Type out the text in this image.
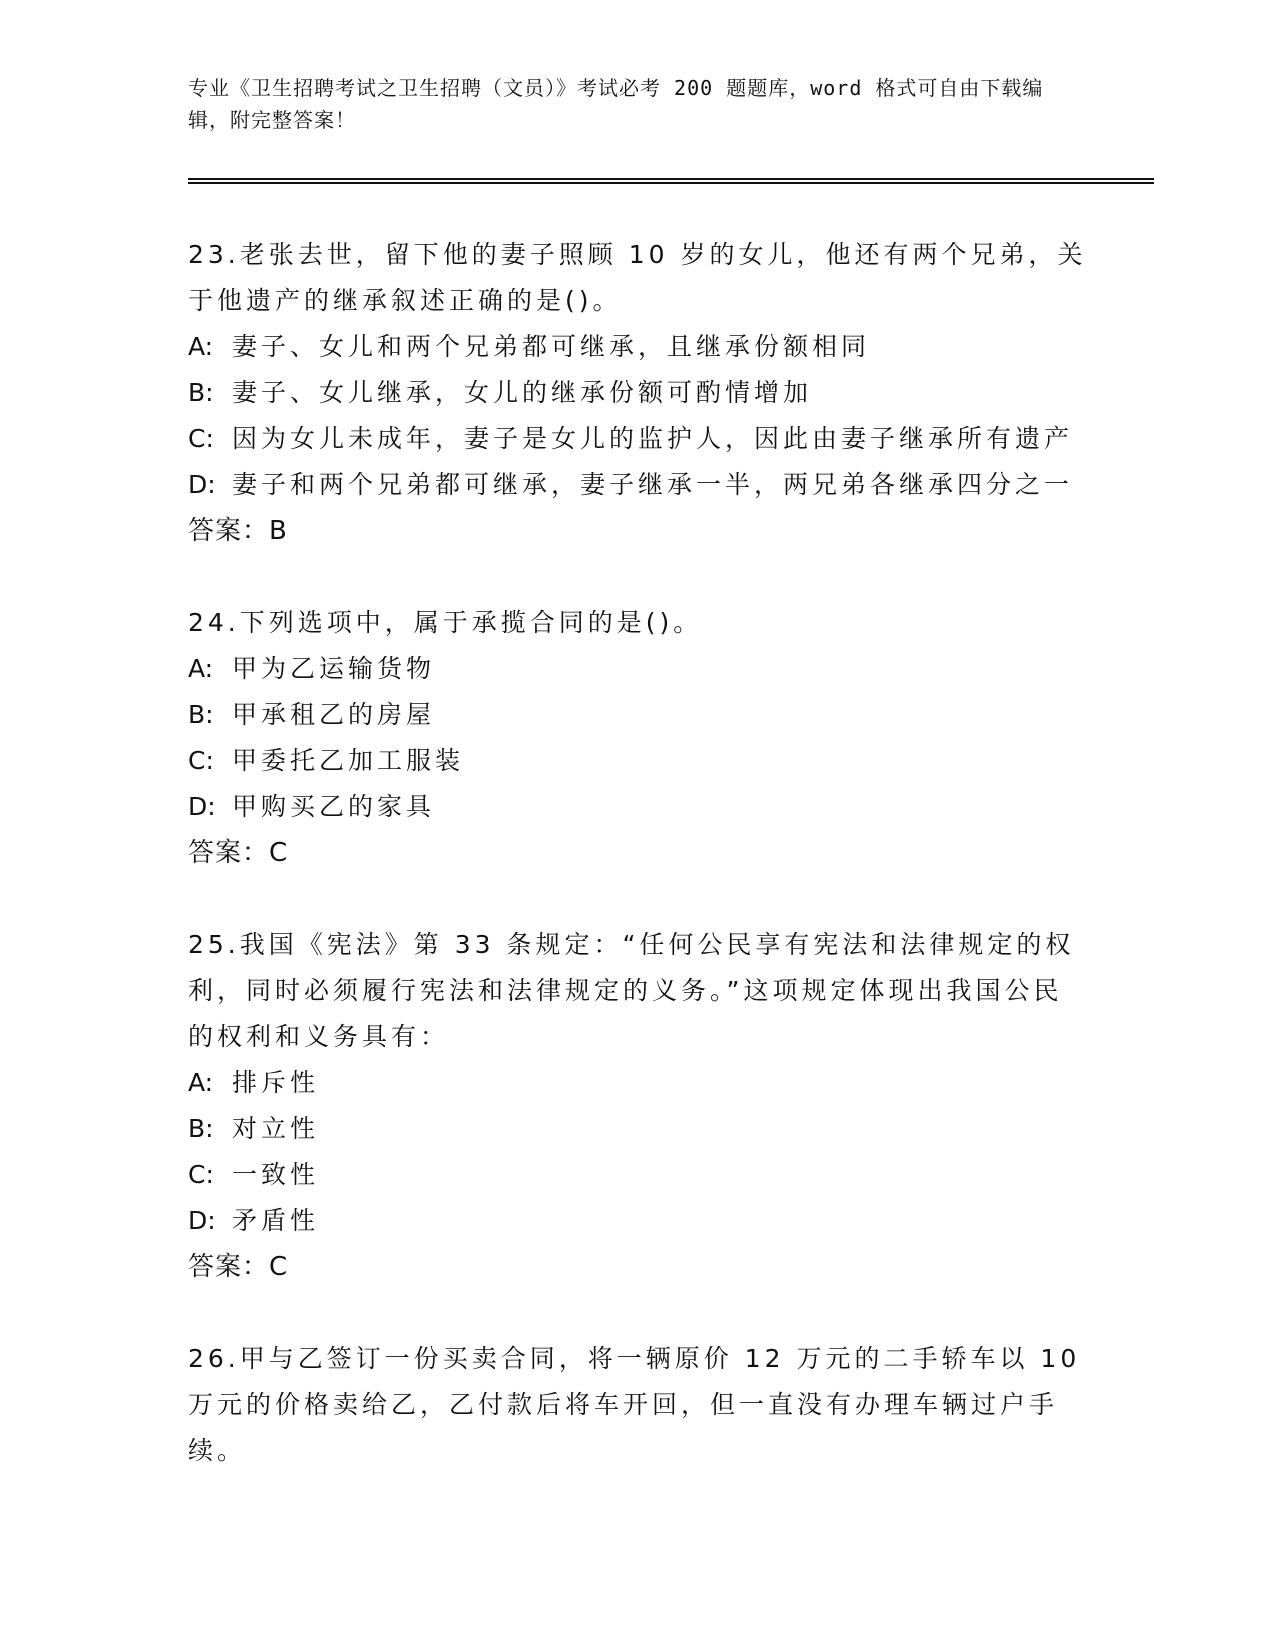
专业《卫生招聘考试之卫生招聘（文员）》考试必考 200 题题库，word 格式可自由下载编辑，附完整答案！
23.老张去世，留下他的妻子照顾 10 岁的女儿，他还有两个兄弟，关于他遗产的继承叙述正确的是()。
A: 妻子、女儿和两个兄弟都可继承，且继承份额相同
B: 妻子、女儿继承，女儿的继承份额可酌情增加
C: 因为女儿未成年，妻子是女儿的监护人，因此由妻子继承所有遗产
D: 妻子和两个兄弟都可继承，妻子继承一半，两兄弟各继承四分之一
答案：B
24.下列选项中，属于承揽合同的是()。
A: 甲为乙运输货物
B: 甲承租乙的房屋
C: 甲委托乙加工服装
D: 甲购买乙的家具
答案：C
25.我国《宪法》第 33 条规定：“任何公民享有宪法和法律规定的权利，同时必须履行宪法和法律规定的义务。”这项规定体现出我国公民的权利和义务具有：
A: 排斥性
B: 对立性
C: 一致性
D: 矛盾性
答案：C
26.甲与乙签订一份买卖合同，将一辆原价 12 万元的二手轿车以 10 万元的价格卖给乙，乙付款后将车开回，但一直没有办理车辆过户手续。
